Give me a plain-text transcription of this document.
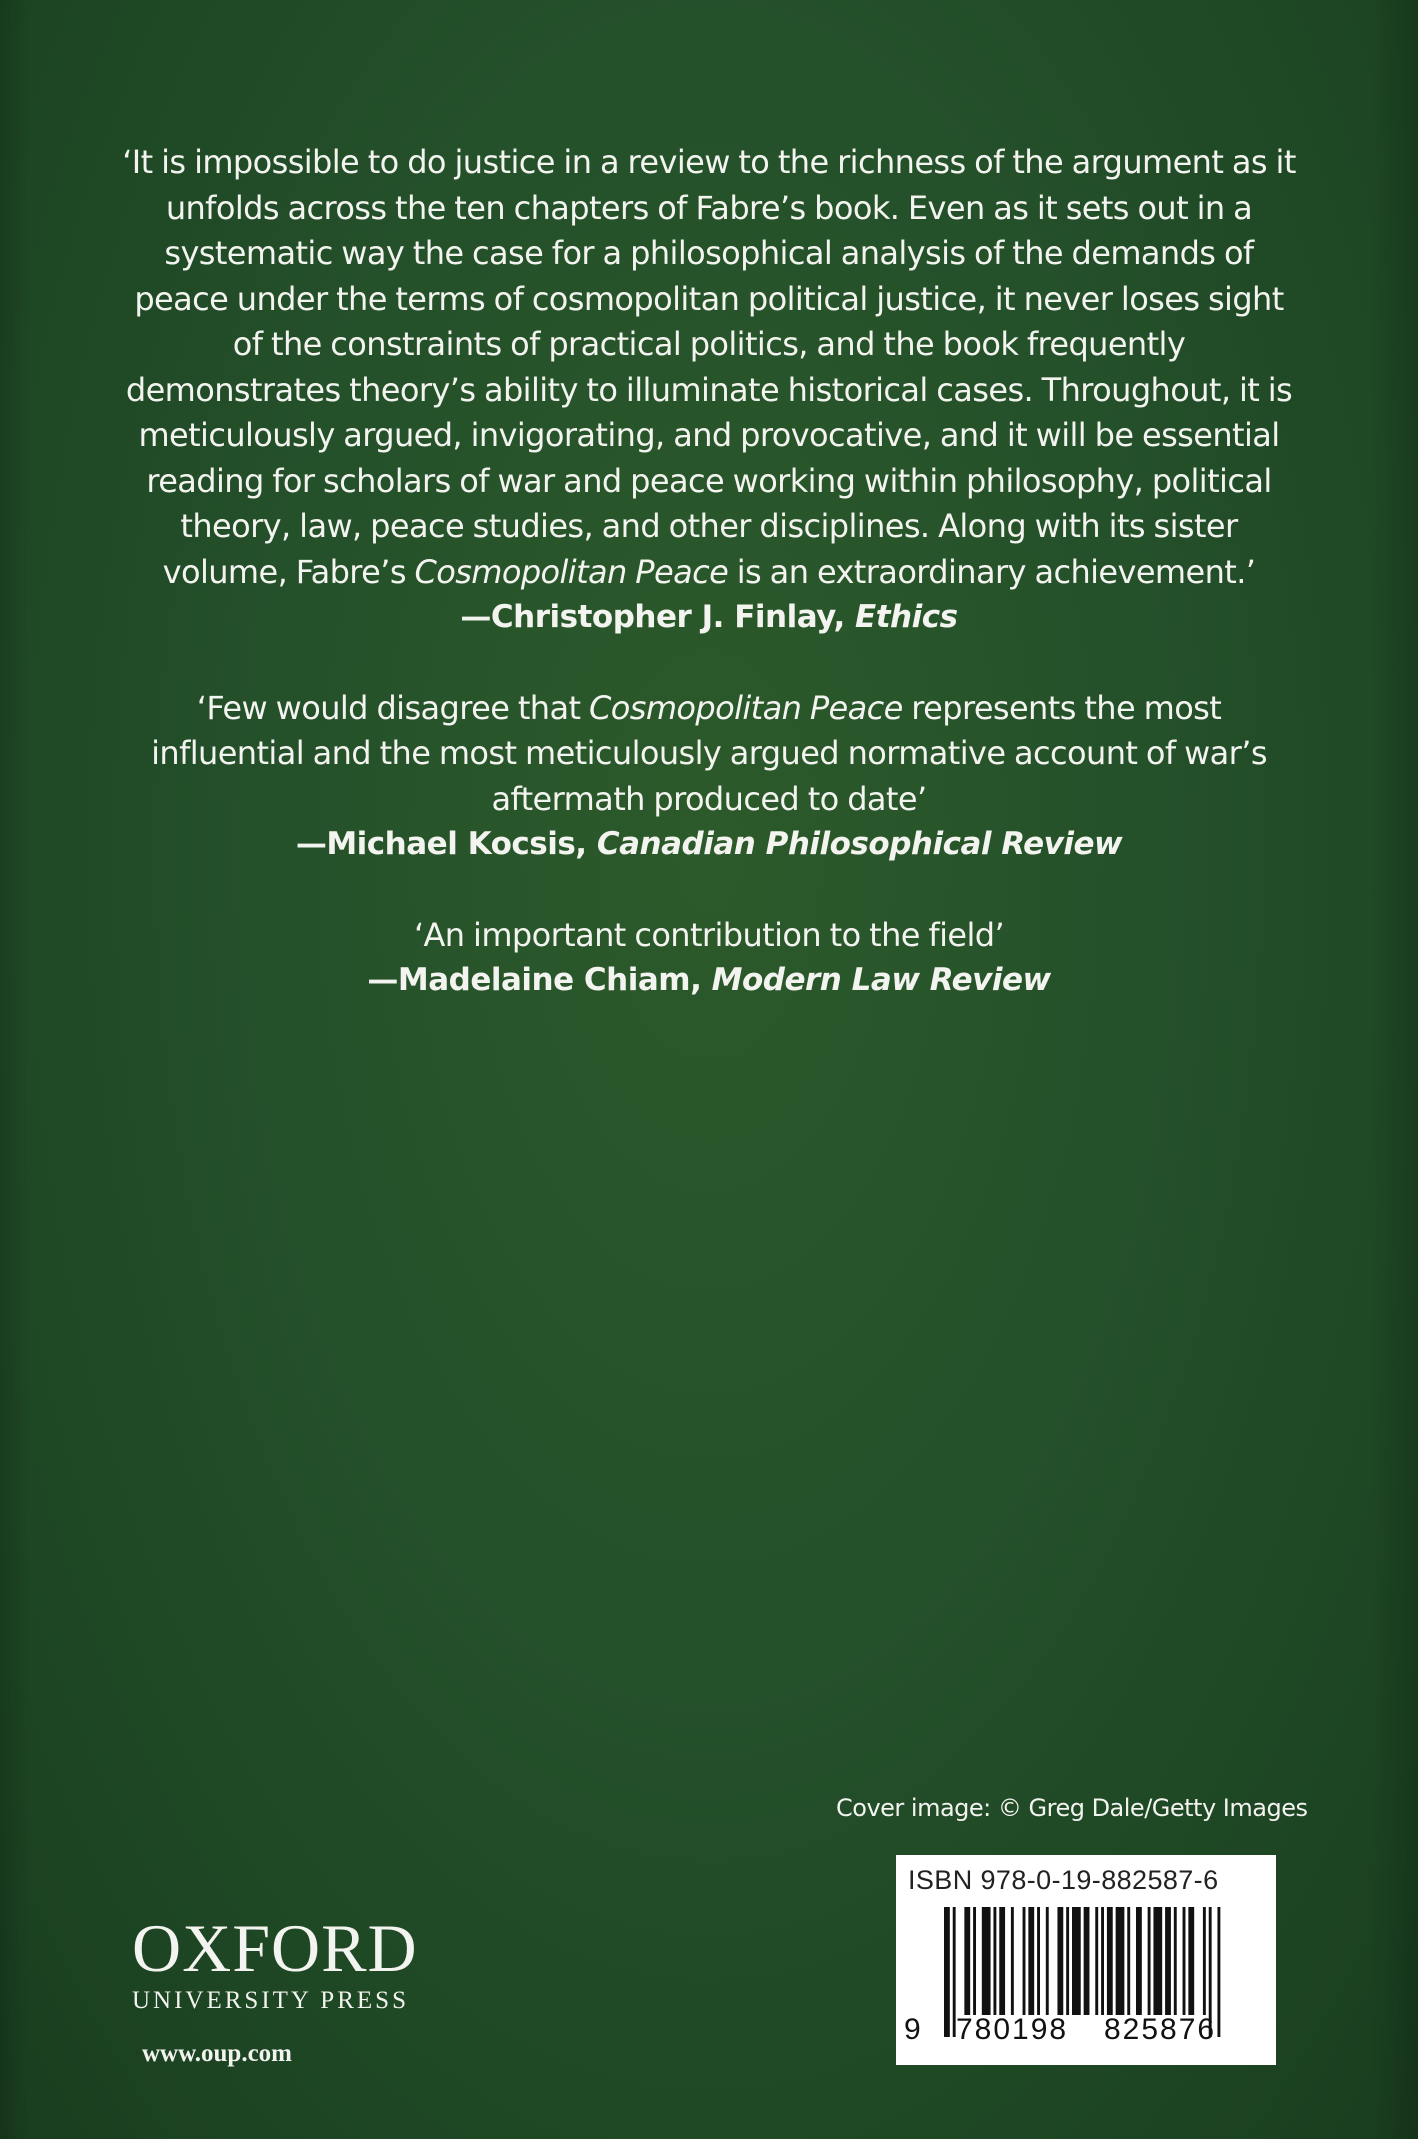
‘It is impossible to do justice in a review to the richness of the argument as it
unfolds across the ten chapters of Fabre’s book. Even as it sets out in a
systematic way the case for a philosophical analysis of the demands of
peace under the terms of cosmopolitan political justice, it never loses sight
of the constraints of practical politics, and the book frequently
demonstrates theory’s ability to illuminate historical cases. Throughout, it is
meticulously argued, invigorating, and provocative, and it will be essential
reading for scholars of war and peace working within philosophy, political
theory, law, peace studies, and other disciplines. Along with its sister
volume, Fabre’s Cosmopolitan Peace is an extraordinary achievement.’

—Christopher J. Finlay, Ethics

‘Few would disagree that Cosmopolitan Peace represents the most
influential and the most meticulously argued normative account of war’s
aftermath produced to date’

—Michael Kocsis, Canadian Philosophical Review

‘An important contribution to the field’

—Madelaine Chiam, Modern Law Review

Cover image: © Greg Dale/Getty Images
ISBN 978-0-19-882587-6
9 780198 825876
OXFORD
UNIVERSITY PRESS
www.oup.com
